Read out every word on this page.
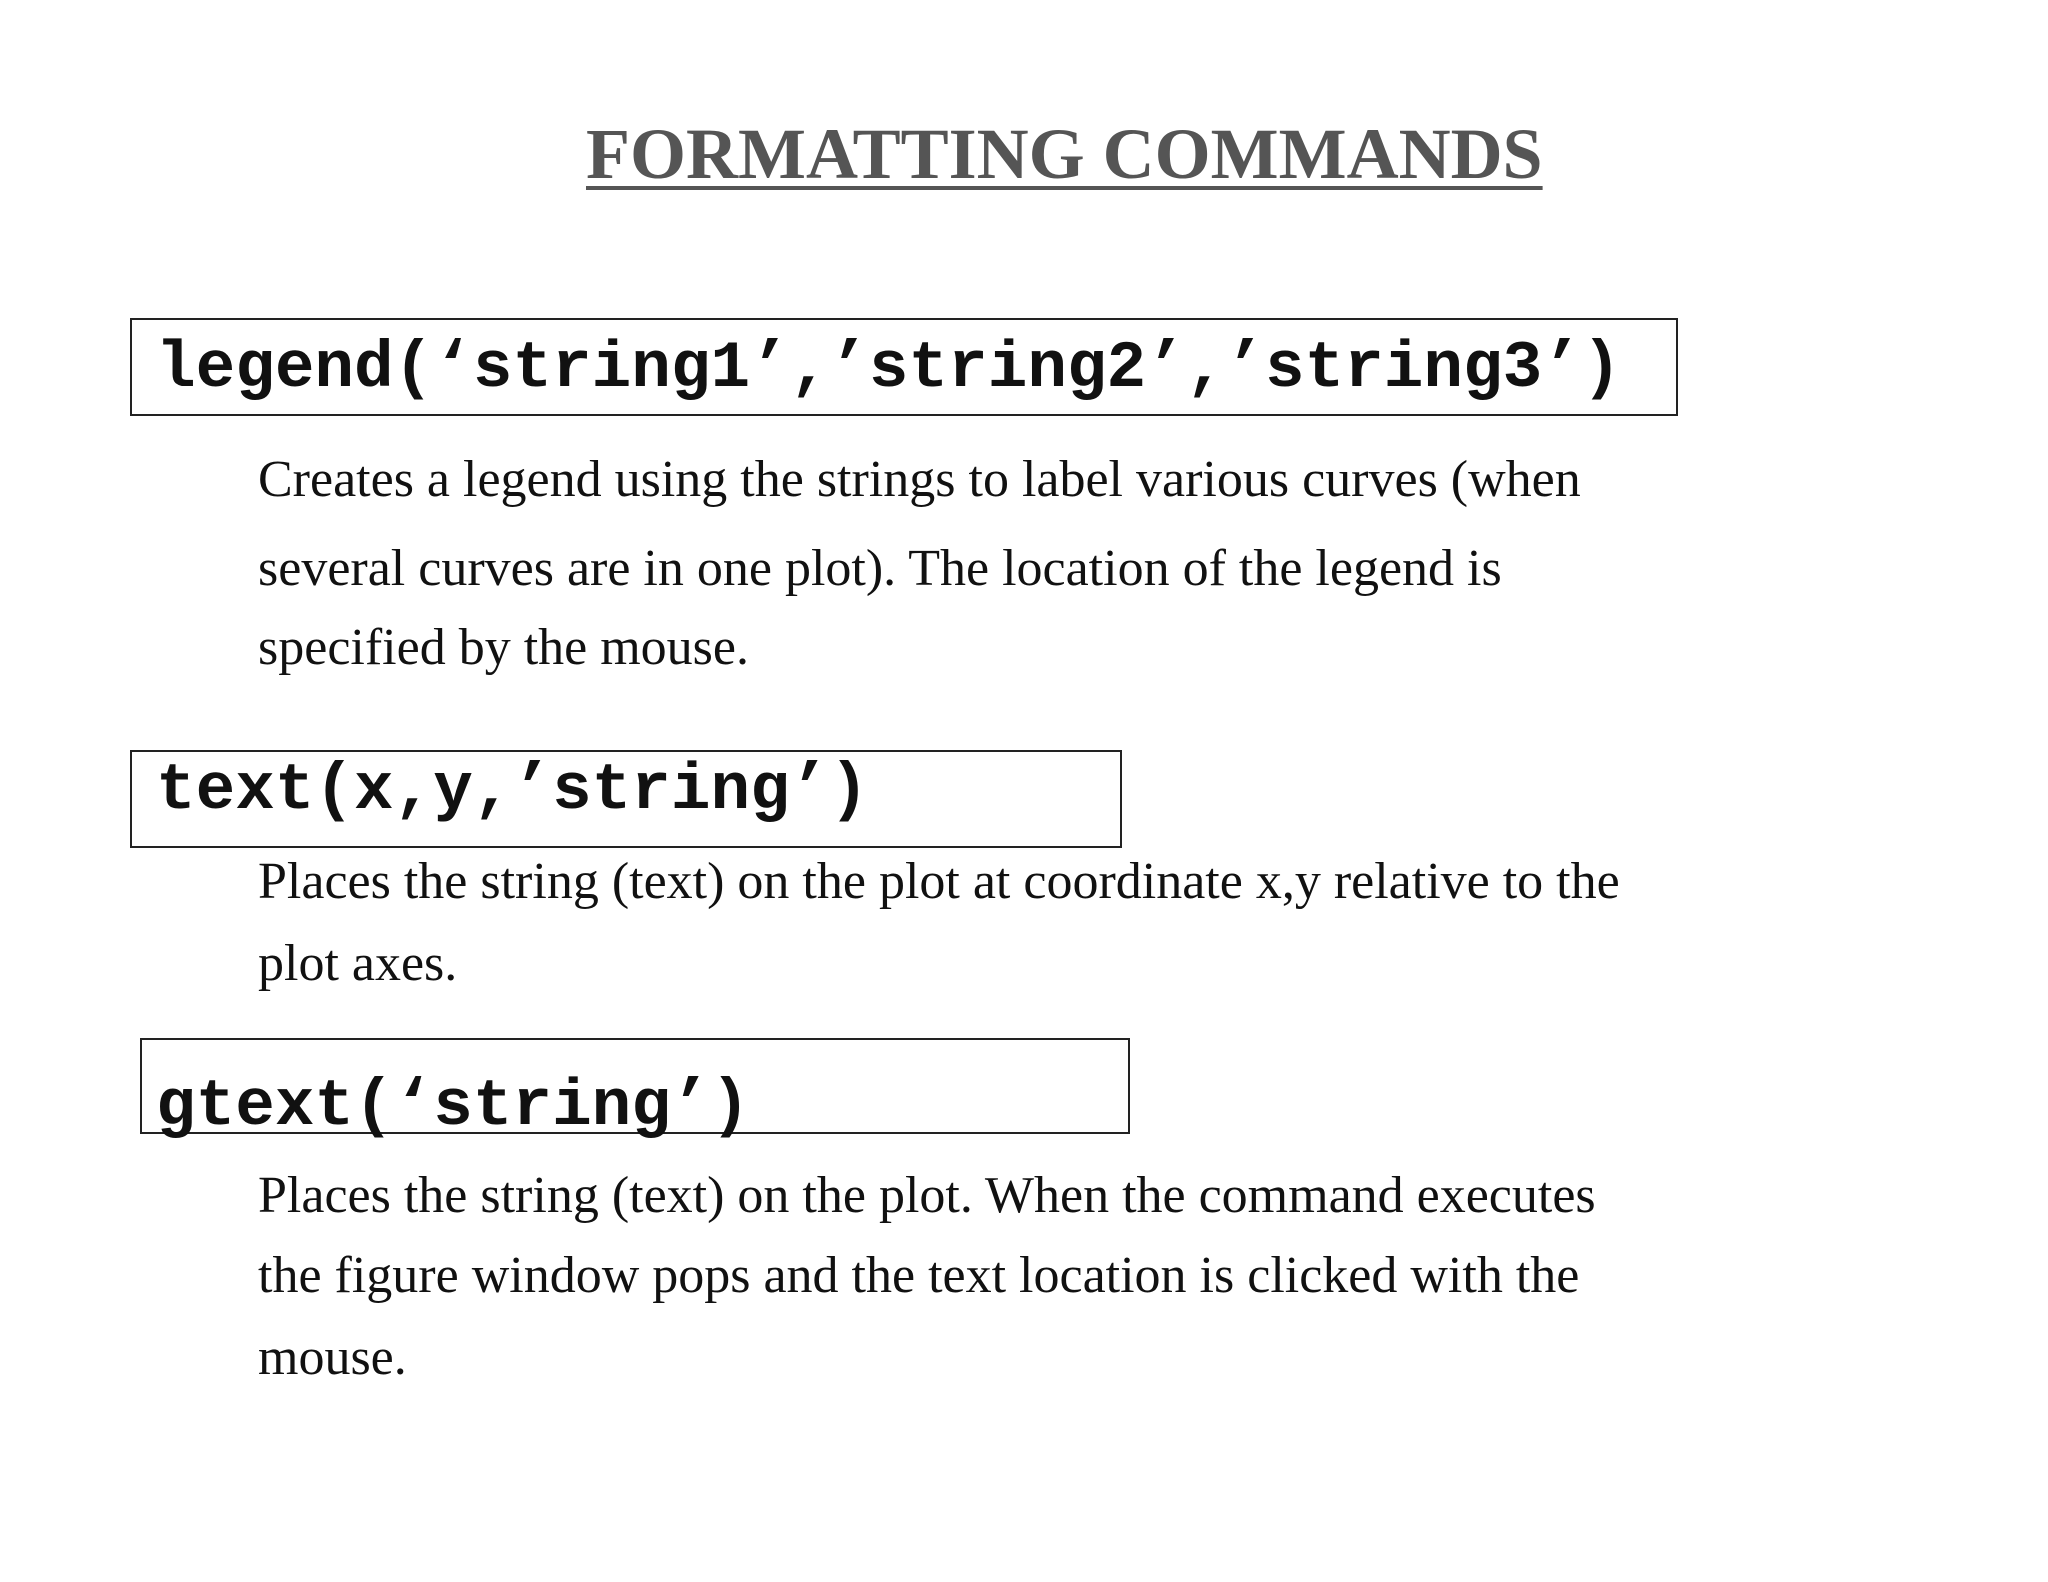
FORMATTING COMMANDS
legend(‘string1’,’string2’,’string3’)
Creates a legend using the strings to label various curves (when
several curves are in one plot). The location of the legend is
specified by the mouse.
text(x,y,’string’)
Places the string (text) on the plot at coordinate x,y relative to the
plot axes.
gtext(‘string’)
Places the string (text) on the plot. When the command executes
the figure window pops and the text location is clicked with the
mouse.
